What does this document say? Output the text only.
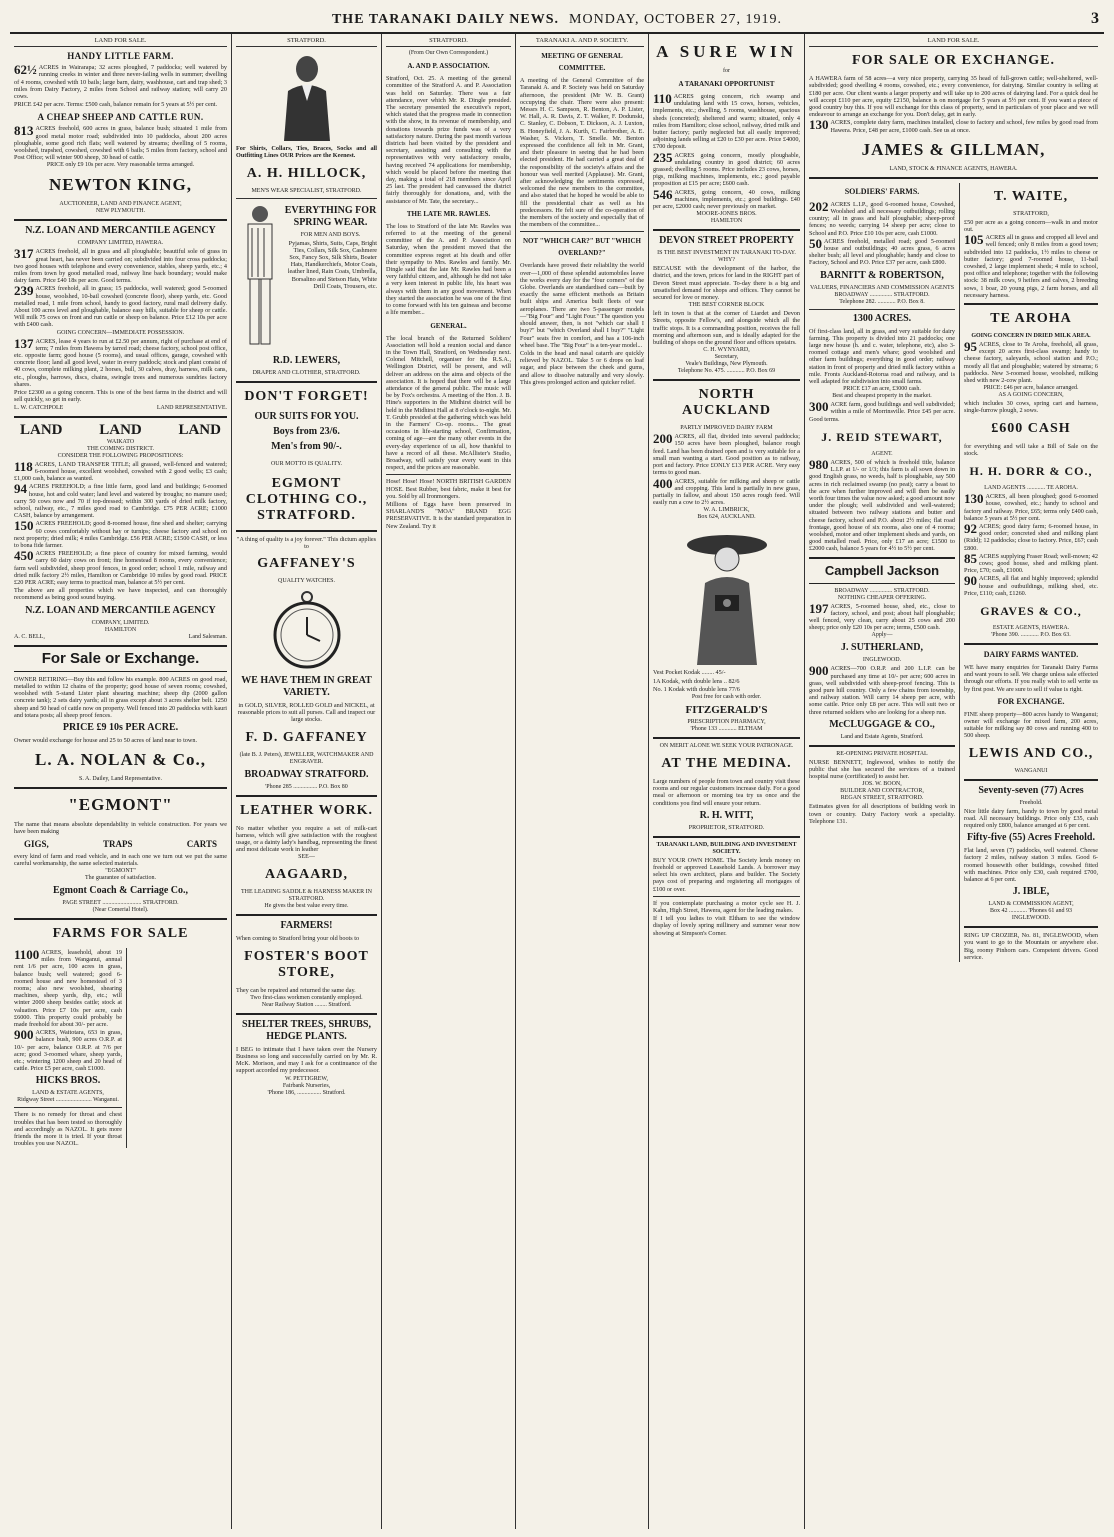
THE TARANAKI DAILY NEWS. MONDAY, OCTOBER 27, 1919.	3
LAND FOR SALE.
HANDY LITTLE FARM.
62½ ACRES in Wairarapa; 32 acres ploughed, 7 paddocks; well watered by running creeks in winter and three never-failing wells in summer; dwelling of 4 rooms, cowshed with 10 bails; large barn, dairy, washhouse, cart and trap shed; 3 miles from Dairy Factory, 2 miles from School and railway station; will carry 20 cows.
PRICE £42 per acre. Terms: £500 cash, balance remain for 5 years at 5½ per cent.
A CHEAP SHEEP AND CATTLE RUN.
813 ACRES freehold, 600 acres in grass, balance bush; situated 1 mile from good metal motor road; subdivided into 10 paddocks, about 200 acres ploughable, some good rich flats; well watered by streams; dwelling of 5 rooms, woolshed, trapshed, cowshed, cowshed with 6 bails; 5 miles from factory, school and Post Office; will winter 900 sheep, 30 head of cattle.
PRICE only £9 10s per acre. Very reasonable terms arranged.
NEWTON KING,
AUCTIONEER, LAND AND FINANCE AGENT,
NEW PLYMOUTH.
N.Z. LOAN AND MERCANTILE AGENCY
COMPANY LIMITED, HAWERA.
317 ACRES freehold, all in grass and all ploughable; beautiful sole of grass in great heart, has never been carried on; subdivided into four cross paddocks; two good houses with telephone and every convenience, stables, sheep yards, etc.; 4 miles from town by good metalled road, railway line back boundary; would make dairy farm. Price £40 18s per acre. Good terms.
239 ACRES freehold, all in grass; 15 paddocks, well watered; good 5-roomed house, woolshed, 10-bail cowshed (concrete floor), sheep yards, etc. Good metalled road, 1 mile from school, handy to good factory, rural mail delivery daily. About 100 acres level and ploughable, balance easy hills, suitable for sheep or cattle. Will milk 75 cows on front and run cattle or sheep on balance. Price £12 10s per acre with £400 cash.
GOING CONCERN—IMMEDIATE POSSESSION.
137 ACRES, lease 4 years to run at £2.50 per annum, right of purchase at end of term; 7 miles from Hawera by tarred road; cheese factory, school post office, etc. opposite farm; good house (5 rooms), and usual offices, garage, cowshed with concrete floor; land all good level, water in every paddock; stock and plant consist of 40 cows, complete milking plant, 2 horses, bull, 30 calves, dray, harness, milk cans, etc., ploughs, harrows, discs, chains, swingle trees and numerous sundries factory shares.
Price £2300 as a going concern. This is one of the best farms in the district and will sell quickly, so get in early.
L. W. CATCHPOLE	LAND REPRESENTATIVE.
LAND LAND LAND
WAIKATO
THE COMING DISTRICT.
CONSIDER THE FOLLOWING PROPOSITIONS:
118 ACRES, LAND TRANSFER TITLE; all grassed, well-fenced and watered; 6-roomed house, excellent woolshed, cowshed with 2 good wells; £3 cash; £1,000 cash, balance as wanted.
94 ACRES FREEHOLD; a fine little farm, good land and buildings; 6-roomed house, hot and cold water; land level and watered by troughs; no manure used; carry 50 cows now and 70 if top-dressed; within 300 yards of dried milk factory, school, railway, etc., 7 miles good road to Cambridge. £75 PER ACRE; £1000 CASH, balance by arrangement.
150 ACRES FREEHOLD; good 8-roomed house, fine shed and shelter; carrying 60 cows comfortably without hay or turnips; cheese factory and school on next property; dried milk; 4 miles Cambridge. £56 PER ACRE; £1500 CASH, or less to bona fide farmer.
450 ACRES FREEHOLD; a fine piece of country for mixed farming, would carry 60 dairy cows on front; fine homestead 8 rooms, every convenience; farm well subdivided, sheep proof fences, in good order; school 1 mile, railway and dried milk factory 2½ miles, Hamilton or Cambridge 10 miles by good road. PRICE £20 PER ACRE; easy terms to practical man, balance at 5½ per cent.
The above are all properties which we have inspected, and can thoroughly recommend as being good sound buying.
N.Z. LOAN AND MERCANTILE AGENCY
COMPANY, LIMITED.
HAMILTON
A. C. BELL,	Land Salesman.
For Sale or Exchange.
OWNER RETIRING—Buy this and follow his example. 800 ACRES on good road, metalled to within 12 chains of the property; good house of seven rooms; cowshed, woolshed with 5-stand Lister plant shearing machine; sheep dip (2000 gallon concrete tank); 2 sets dairy yards; all in grass except about 3 acres shelter belt. 1250 sheep and 50 head of cattle now on property. Well fenced into 20 paddocks with kauri and totara posts; all sheep proof fences.
PRICE £9 10s PER ACRE.
Owner would exchange for house and 25 to 50 acres of land near to town.
L. A. NOLAN & Co.,
S. A. Dailey, Land Representative.
"EGMONT"
The name that means absolute dependability in vehicle construction. For years we have been making
GIGS,	TRAPS	CARTS
every kind of farm and road vehicle, and in each one we turn out we put the same careful workmanship, the same selected materials.
"EGMONT"
The guarantee of satisfaction.
Egmont Coach & Carriage Co.,
PAGE STREET .......................... STRATFORD.
(Near Comerial Hotel).
FARMS FOR SALE
1100 ACRES, leasehold, about 19 miles from Wanganui, annual rent 1/6 per acre, 100 acres in grass, balance bush; well watered; good 6-roomed house and new homestead of 3 rooms; also new woolshed, shearing machines, sheep yards, dip, etc.; will winter 2000 sheep besides cattle; stock at valuation. Price £7 10s per acre, cash £6000. This property could probably be made freehold for about 30/- per acre.
900 ACRES, Waitotara, 653 in grass, balance bush, 900 acres O.R.P. at 10/- per acre, balance O.R.P. at 7/6 per acre; good 3-roomed whare, sheep yards, etc.; wintering 1200 sheep and 20 head of cattle. Price £5 per acre, cash £1000.
HICKS BROS.
LAND & ESTATE AGENTS,
Ridgway Street ........................ Wanganui.
There is no remedy for throat and chest troubles that has been tested so thoroughly and accordingly as NAZOL. It gets more friends the more it is tried. If your throat troubles you use NAZOL.
STRATFORD.
For Shirts, Collars, Ties, Braces, Socks and all Outfitting Lines OUR Prices are the Keenest.
A. H. HILLOCK,
MEN'S WEAR SPECIALIST, STRATFORD.
EVERYTHING FOR SPRING WEAR.
FOR MEN AND BOYS.
Pyjamas, Shirts, Suits, Caps, Bright Ties, Collars, Silk Sox, Cashmere Sox, Fancy Sox, Silk Shirts, Boater Hats, Handkerchiefs, Motor Coats, leather lined, Rain Coats, Umbrella, Borsalino and Stetson Hats, White Drill Coats, Trousers, etc.
R.D. LEWERS,
DRAPER AND CLOTHIER, STRATFORD.
DON'T FORGET!
OUR SUITS FOR YOU.
Boys from 23/6.
Men's from 90/-.
OUR MOTTO IS QUALITY.
EGMONT CLOTHING CO., STRATFORD.
"A thing of quality is a joy forever." This dictum applies to
GAFFANEY'S
QUALITY WATCHES.
WE HAVE THEM IN GREAT VARIETY.
in GOLD, SILVER, ROLLED GOLD and NICKEL, at reasonable prices to suit all purses. Call and inspect our large stocks.
F. D. GAFFANEY
(late B. J. Peters), JEWELLER, WATCHMAKER AND ENGRAVER.
BROADWAY STRATFORD.
'Phone 285 ................ P.O. Box 80
LEATHER WORK.
No matter whether you require a set of milk-cart harness, which will give satisfaction with the roughest usage, or a dainty lady's handbag, representing the finest and most delicate work in leather
SEE—
AAGAARD,
THE LEADING SADDLE & HARNESS MAKER IN STRATFORD.
He gives the best value every time.
FARMERS!
When coming to Stratford bring your old boots to
FOSTER'S BOOT STORE,
They can be repaired and returned the same day.
Two first-class workmen constantly employed.
Near Railway Station ........ Stratford.
SHELTER TREES, SHRUBS, HEDGE PLANTS.
I BEG to intimate that I have taken over the Nursery Business so long and successfully carried on by Mr. R. McK. Morison, and may I ask for a continuance of the support accorded my predecessor.
W. PETTIGREW,
Fairbank Nurseries,
'Phone 186, ................ Stratford.
STRATFORD.
(From Our Own Correspondent.)
A. AND P. ASSOCIATION.
Stratford, Oct. 25. A meeting of the general committee of the Stratford A. and P. Association was held on Saturday. There was a fair attendance, over which Mr. R. Dingle presided. The secretary presented the executive's report, which stated that the progress made in connection with the show, in its revenue of membership, and donations towards prize funds was of a very satisfactory nature. During the past month various districts had been visited by the president and secretary, assisting and consulting with the representatives with very satisfactory results, having received 74 applications for membership, which would be placed before the meeting that day, making a total of 218 members since April 25 last. The president had canvassed the district fairly thoroughly for donations, and, with the assistance of Mr. Tate, the secretary...
THE LATE MR. RAWLES.
The loss to Stratford of the late Mr. Rawles was referred to at the meeting of the general committee of the A. and P. Association on Saturday, when the president moved that the committee express regret at his death and offer their sympathy to Mrs. Rawles and family. Mr. Dingle said that the late Mr. Rawles had been a very faithful citizen, and, although he did not take a very keen interest in public life, his heart was always with them in any good movement. When they started the association he was one of the first to come forward with his ten guineas and become a life member...
GENERAL.
The local branch of the Returned Soldiers' Association will hold a reunion social and dance in the Town Hall, Stratford, on Wednesday next. Colonel Mitchell, organiser for the R.S.A., Wellington District, will be present, and will deliver an address on the aims and objects of the association. It is hoped that there will be a large attendance of the general public. The music will be by Fox's orchestra. A meeting of the Hon. J. B. Hine's supporters in the Midhirst district will be held in the Midhirst Hall at 8 o'clock to-night. Mr. T. Grubb presided at the gathering which was held in the Farmers' Co-op. rooms... The great occasions in life-starting school, Confirmation, coming of age—are the many other events in the every-day experience of us all, how thankful to have a record of all these. McAllister's Studio, Broadway, will satisfy your every want in this respect, and the prices are reasonable.
Hose! Hose! Hose! NORTH BRITISH GARDEN HOSE. Best Rubber, best fabric, make it best for you. Sold by all Ironmongers.
Millions of Eggs have been preserved in SHARLAND'S "MOA" BRAND EGG PRESERVATIVE. It is the standard preparation in New Zealand. Try it
TARANAKI A. AND P. SOCIETY.
MEETING OF GENERAL COMMITTEE.
A meeting of the General Committee of the Taranaki A. and P. Society was held on Saturday afternoon, the president (Mr W. B. Grant) occupying the chair. There were also present: Messrs H. C. Sampson, R. Benton, A. P. Lister, W. Hall, A. R. Davis, Z. T. Walker, F. Dodunski, C. Stanley, C. Dobson, T. Dickson, A. J. Luxton, B. Honeyfield, J. A. Kurth, C. Fairbrother, A. E. Washer, S. Vickers, T. Smelle. Mr. Benton expressed the confidence all felt in Mr. Grant, and their pleasure in seeing that he had been elected president. He had carried a great deal of the responsibility of the society's affairs and the honour was well merited (Applause). Mr. Grant, after acknowledging the sentiments expressed, welcomed the new members to the committee, and also stated that he hoped he would be able to fill the presidential chair as well as his predecessors. He felt sure of the co-operation of the members of the society and especially that of the members of the committee...
NOT "WHICH CAR?" BUT "WHICH OVERLAND?"
Overlands have proved their reliability the world over—1,000 of these splendid automobiles leave the works every day for the "four corners" of the Globe. Overlands are standardised cars—built by exactly the same efficient methods as Britain built ships and America built fleets of war aeroplanes. There are two 5-passenger models—"Big Four" and "Light Four." The question you should answer, then, is not "which car shall I buy?" but "which Overland shall I buy?" "Light Four" seats five in comfort, and has a 106-inch wheel base. The "Big Four" is a ten-year model...
Colds in the head and nasal catarrh are quickly relieved by NAZOL. Take 5 or 6 drops on loaf sugar, and place between the cheek and gums, and allow to dissolve naturally and very slowly. This gives prolonged action and quicker relief.
A SURE WIN
for
A TARANAKI OPPORTUNIST
110 ACRES going concern, rich swamp and undulating land with 15 cows, horses, vehicles, implements, etc.; dwelling, 5 rooms, washhouse, spacious sheds (concreted); sheltered and warm; situated, only 4 miles from Hamilton; close school, railway, dried milk and butter factory; partly neglected but all easily improved; adjoining lands selling at £20 to £30 per acre. Price £4000, £700 deposit.
235 ACRES going concern, mostly ploughable, undulating country in good district; 60 acres grassed; dwelling 5 rooms. Price includes 23 cows, horses, pigs, milking machines, implements, etc.; good payable proposition at £15 per acre; £600 cash.
546 ACRES, going concern, 40 cows, milking machines, implements, etc.; good buildings. £40 per acre, £2000 cash; never previously on market.
MOORE-JONES BROS.
HAMILTON
DEVON STREET PROPERTY
IS THE BEST INVESTMENT IN TARANAKI TO-DAY.
WHY?
BECAUSE with the development of the harbor, the district, and the town, prices for land in the RIGHT part of Devon Street must appreciate. To-day there is a big and unsatisfied demand for shops and offices. They cannot be secured for love or money.
THE BEST CORNER BLOCK
left in town is that at the corner of Liardet and Devon Streets, opposite Fellow's, and alongside which all the traffic stops. It is a commanding position, receives the full morning and afternoon sun, and is ideally adapted for the building of shops on the ground floor and offices upstairs.
C. H. WYNYARD,
Secretary,
Veale's Buildings, New Plymouth.
Telephone No. 475. ............ P.O. Box 69
NORTH AUCKLAND
PARTLY IMPROVED DAIRY FARM
200 ACRES, all flat, divided into several paddocks; 150 acres have been ploughed, balance rough feed. Land has been drained open and is very suitable for a small man wanting a start. Good position as to railway, port and factory. Price £ONLY £13 PER ACRE. Very easy terms to good man.
400 ACRES, suitable for milking and sheep or cattle and cropping. This land is partially in new grass, partially in fallow, and about 150 acres rough feed. Will easily run a cow to 2½ acres.
W. A. LIMBRICK,
Box 624, AUCKLAND.
Vest Pocket Kodak ........ 45/-
1A Kodak, with double lens .. 82/6
No. 1 Kodak with double lens 77/6
Post free for cash with order.
FITZGERALD'S
PRESCRIPTION PHARMACY,
'Phone 133 ............ ELTHAM
ON MERIT ALONE WE SEEK YOUR PATRONAGE.
AT THE MEDINA.
Large numbers of people from town and country visit these rooms and our regular customers increase daily. For a good meal or afternoon or morning tea try us once and the conditions you find will ensure your return.
R. H. WITT,
PROPRIETOR, STRATFORD.
TARANAKI LAND, BUILDING AND INVESTMENT SOCIETY.
BUY YOUR OWN HOME. The Society lends money on freehold or approved Leasehold Lands. A borrower may select his own architect, plans and builder. The Society pays cost of preparing and registering all mortgages of £100 or over.
If you contemplate purchasing a motor cycle see H. J. Kahn, High Street, Hawera, agent for the leading makes.
If I tell you ladies to visit Eltham to see the window display of lovely spring millinery and summer wear now showing at Simpson's Corner.
LAND FOR SALE.
FOR SALE OR EXCHANGE.
A HAWERA farm of 58 acres—a very nice property, carrying 35 head of full-grown cattle; well-sheltered, well-subdivided; good dwelling 4 rooms, cowshed, etc.; every convenience, for dairying. Similar country is selling at £180 per acre. Our client wants a larger property and will take up to 200 acres of dairying land. For a quick deal he will accept £110 per acre, equity £2150, balance is on mortgage for 5 years at 5½ per cent. If you want a piece of good country buy this. If you will exchange for this class of property, send in particulars of your place and we will endeavour to arrange an exchange for you. Don't delay, get in early.
130 ACRES, complete dairy farm, machines installed, close to factory and school, few miles by good road from Hawera. Price, £48 per acre, £1000 cash. See us at once.
JAMES & GILLMAN,
LAND, STOCK & FINANCE AGENTS, HAWERA.
SOLDIERS' FARMS.
202 ACRES L.I.P., good 6-roomed house, Cowshed, Woolshed and all necessary outbuildings; rolling country; all in grass and half ploughable; sheep-proof fences; no weeds; carrying 14 sheep per acre; close to School and P.O. Price £10 10s per acre, cash £1000.
50 ACRES freehold, metalled road; good 5-roomed house and outbuildings; 40 acres grass, 6 acres shelter bush; all level and ploughable; handy and close to Factory, School and P.O. Price £37 per acre, cash £800.
BARNITT & ROBERTSON,
VALUERS, FINANCIERS AND COMMISSION AGENTS
BROADWAY ............... STRATFORD.
Telephone 282. ............ P.O. Box 8.
1300 ACRES.
Of first-class land, all in grass, and very suitable for dairy farming. This property is divided into 21 paddocks; one large new house (h. and c. water, telephone, etc), also 3-roomed cottage and men's whare; good woolshed and other farm buildings; everything in good order; railway station in front of property and dried milk factory within a mile. Fronts Auckland-Rotorua road and railway, and is well adapted for subdivision into small farms.
PRICE £17 an acre, £3000 cash.
Best and cheapest property in the market.
300 ACRE farm, good buildings and well subdivided; within a mile of Morrinsville. Price £45 per acre. Good terms.
J. REID STEWART,
AGENT.
980 ACRES, 500 of which is freehold title, balance L.I.P. at 1/- or 1/3; this farm is all sown down in good English grass, no weeds, half is ploughable, say 500 acres in rich reclaimed swamp (no peat); carry a beast to the acre when further improved and will then be easily worth four times the value now asked; a good amount now under the plough; well subdivided and well-watered; situated between two railway stations and butter and cheese factory, school and P.O. about 2½ miles; flat road frontage, good house of six rooms, also one of 4 rooms; woolshed, motor and other implement sheds and yards, on good metalled road. Price, only £17 an acre; £1500 to £2000 cash, balance 5 years for 4½ to 5½ per cent.
Campbell Jackson
BROADWAY ............... STRATFORD.
NOTHING CHEAPER OFFERING.
197 ACRES, 5-roomed house, shed, etc., close to factory, school, and post; about half ploughable; well fenced, very clean, carry about 25 cows and 200 sheep; price only £20 10s per acre; terms, £500 cash.
Apply—
J. SUTHERLAND,
INGLEWOOD.
900 ACRES—700 O.R.P. and 200 L.I.P. can be purchased any time at 10/- per acre; 600 acres in grass, well subdivided with sheep-proof fencing. This is good pure hill country. Only a few chains from township, and railway station. Will carry 14 sheep per acre, with some cattle. Price only £8 per acre. This will suit two or three returned soldiers who are looking for a sheep run.
McCLUGGAGE & CO.,
Land and Estate Agents, Stratford.
RE-OPENING PRIVATE HOSPITAL
NURSE BENNETT, Inglewood, wishes to notify the public that she has secured the services of a trained hospital nurse (certificated) to assist her.
JOS. W. BOON,
BUILDER AND CONTRACTOR,
REGAN STREET, STRATFORD.
Estimates given for all descriptions of building work in town or country. Dairy Factory work a speciality. Telephone 131.
T. WAITE,
STRATFORD,
£50 per acre as a going concern—walk in and motor out.
105 ACRES all in grass and cropped all level and well fenced; only 8 miles from a good town; subdivided into 12 paddocks, 1½ miles to cheese or butter factory; good 7-roomed house, 11-bail cowshed, 2 large implement sheds; 4 mile to school, post office and telephone; together with the following stock: 38 milk cows, 9 heifers and calves, 2 breeding sows, 1 boar, 20 young pigs, 2 farm horses, and all necessary harness.
TE AROHA
GOING CONCERN IN DRIED MILK AREA.
95 ACRES, close to Te Aroha, freehold, all grass, except 20 acres first-class swamp; handy to cheese factory, saleyards, school station and P.O.; mostly all flat and ploughable; watered by streams; 6 paddocks. New 3-roomed house, woolshed, milking shed with new 2-cow plant.
PRICE: £46 per acre, balance arranged.
AS A GOING CONCERN,
which includes 30 cows, spring cart and harness, single-furrow plough, 2 sows.
£600 CASH
for everything and will take a Bill of Sale on the stock.
H. H. DORR & CO.,
LAND AGENTS ............ TE AROHA.
130 ACRES, all been ploughed; good 6-roomed house, cowshed, etc.; handy to school and factory and railway. Price, £65; terms only £400 cash, balance 5 years at 5½ per cent.
92 ACRES; good dairy farm; 6-roomed house, in good order; concreted shed and milking plant (Ridd); 12 paddocks; close to factory. Price, £67; cash £800.
85 ACRES supplying Fraser Road; well-mown; 42 cows; good house, shed and milking plant. Price, £70; cash, £1000.
90 ACRES, all flat and highly improved; splendid house and outbuildings, milking shed, etc. Price, £110; cash, £1260.
GRAVES & CO.,
ESTATE AGENTS, HAWERA.
'Phone 390. ............ P.O. Box 63.
DAIRY FARMS WANTED.
WE have many enquiries for Taranaki Dairy Farms and want yours to sell. We charge unless sale effected through our efforts. If you really wish to sell write us by first post. We are sure to sell if value is right.
FOR EXCHANGE.
FINE sheep property—800 acres handy to Wanganui; owner will exchange for mixed farm, 200 acres, suitable for milking say 80 cows and running 400 to 500 sheep.
LEWIS AND CO.,
WANGANUI
Seventy-seven (77) Acres
Freehold.
Nice little dairy farm, handy to town by good metal road. All necessary buildings. Price only £35, cash required only £800, balance arranged at 6 per cent.
Fifty-five (55) Acres Freehold.
Flat land, seven (7) paddocks, well watered. Cheese factory 2 miles, railway station 3 miles. Good 6-roomed housewith other buildings, cowshed fitted with machines. Price only £30, cash required £700, balance at 6 per cent.
J. IBLE,
LAND & COMMISSION AGENT,
Box 42 ............ 'Phones 61 and 93
INGLEWOOD.
RING UP CROZIER, No. 81, INGLEWOOD, when you want to go to the Mountain or anywhere else. Big, roomy Pinhorn cars. Competent drivers. Good service.
